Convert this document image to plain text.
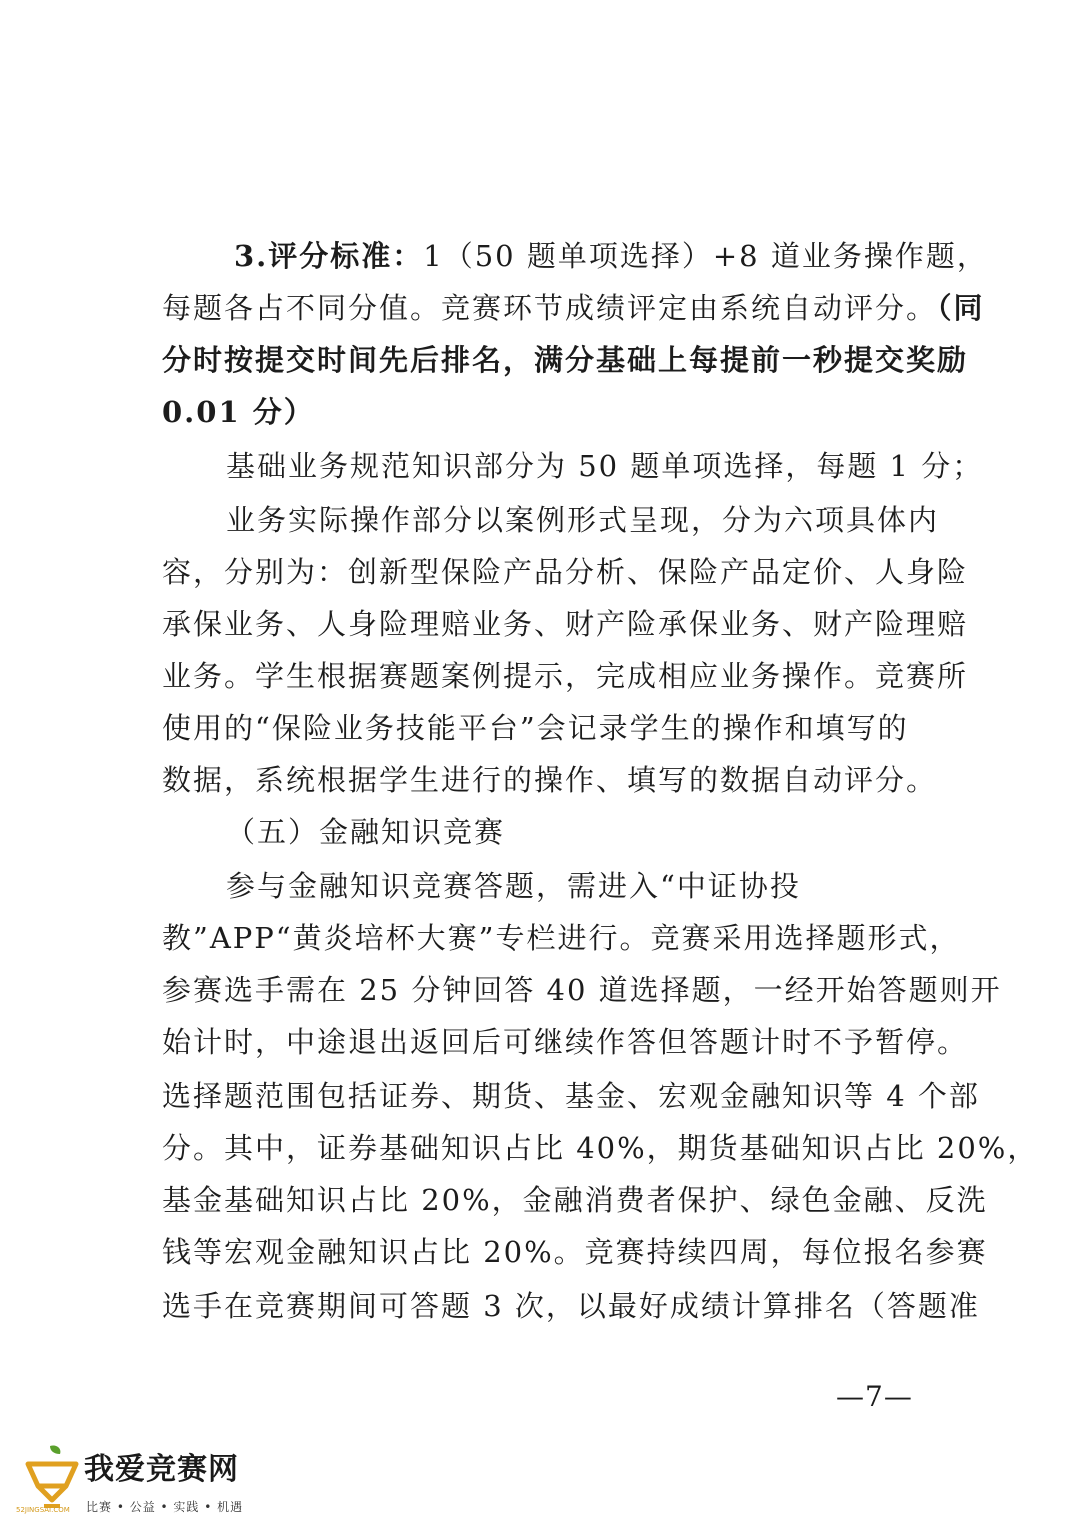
3.评分标准：1（50 题单项选择）+8 道业务操作题，
每题各占不同分值。竞赛环节成绩评定由系统自动评分。（同
分时按提交时间先后排名，满分基础上每提前一秒提交奖励
0.01 分）
基础业务规范知识部分为 50 题单项选择，每题 1 分；
业务实际操作部分以案例形式呈现，分为六项具体内
容，分别为：创新型保险产品分析、保险产品定价、人身险
承保业务、人身险理赔业务、财产险承保业务、财产险理赔
业务。学生根据赛题案例提示，完成相应业务操作。竞赛所
使用的“保险业务技能平台”会记录学生的操作和填写的
数据，系统根据学生进行的操作、填写的数据自动评分。
（五）金融知识竞赛
参与金融知识竞赛答题，需进入“中证协投
教”APP“黄炎培杯大赛”专栏进行。竞赛采用选择题形式，
参赛选手需在 25 分钟回答 40 道选择题，一经开始答题则开
始计时，中途退出返回后可继续作答但答题计时不予暂停。
选择题范围包括证券、期货、基金、宏观金融知识等 4 个部
分。其中，证券基础知识占比 40%，期货基础知识占比 20%，
基金基础知识占比 20%，金融消费者保护、绿色金融、反洗
钱等宏观金融知识占比 20%。竞赛持续四周，每位报名参赛
选手在竞赛期间可答题 3 次，以最好成绩计算排名（答题准
—7—
我爱竞赛网
52JINGSAI.COM 比赛 • 公益 • 实践 • 机遇
